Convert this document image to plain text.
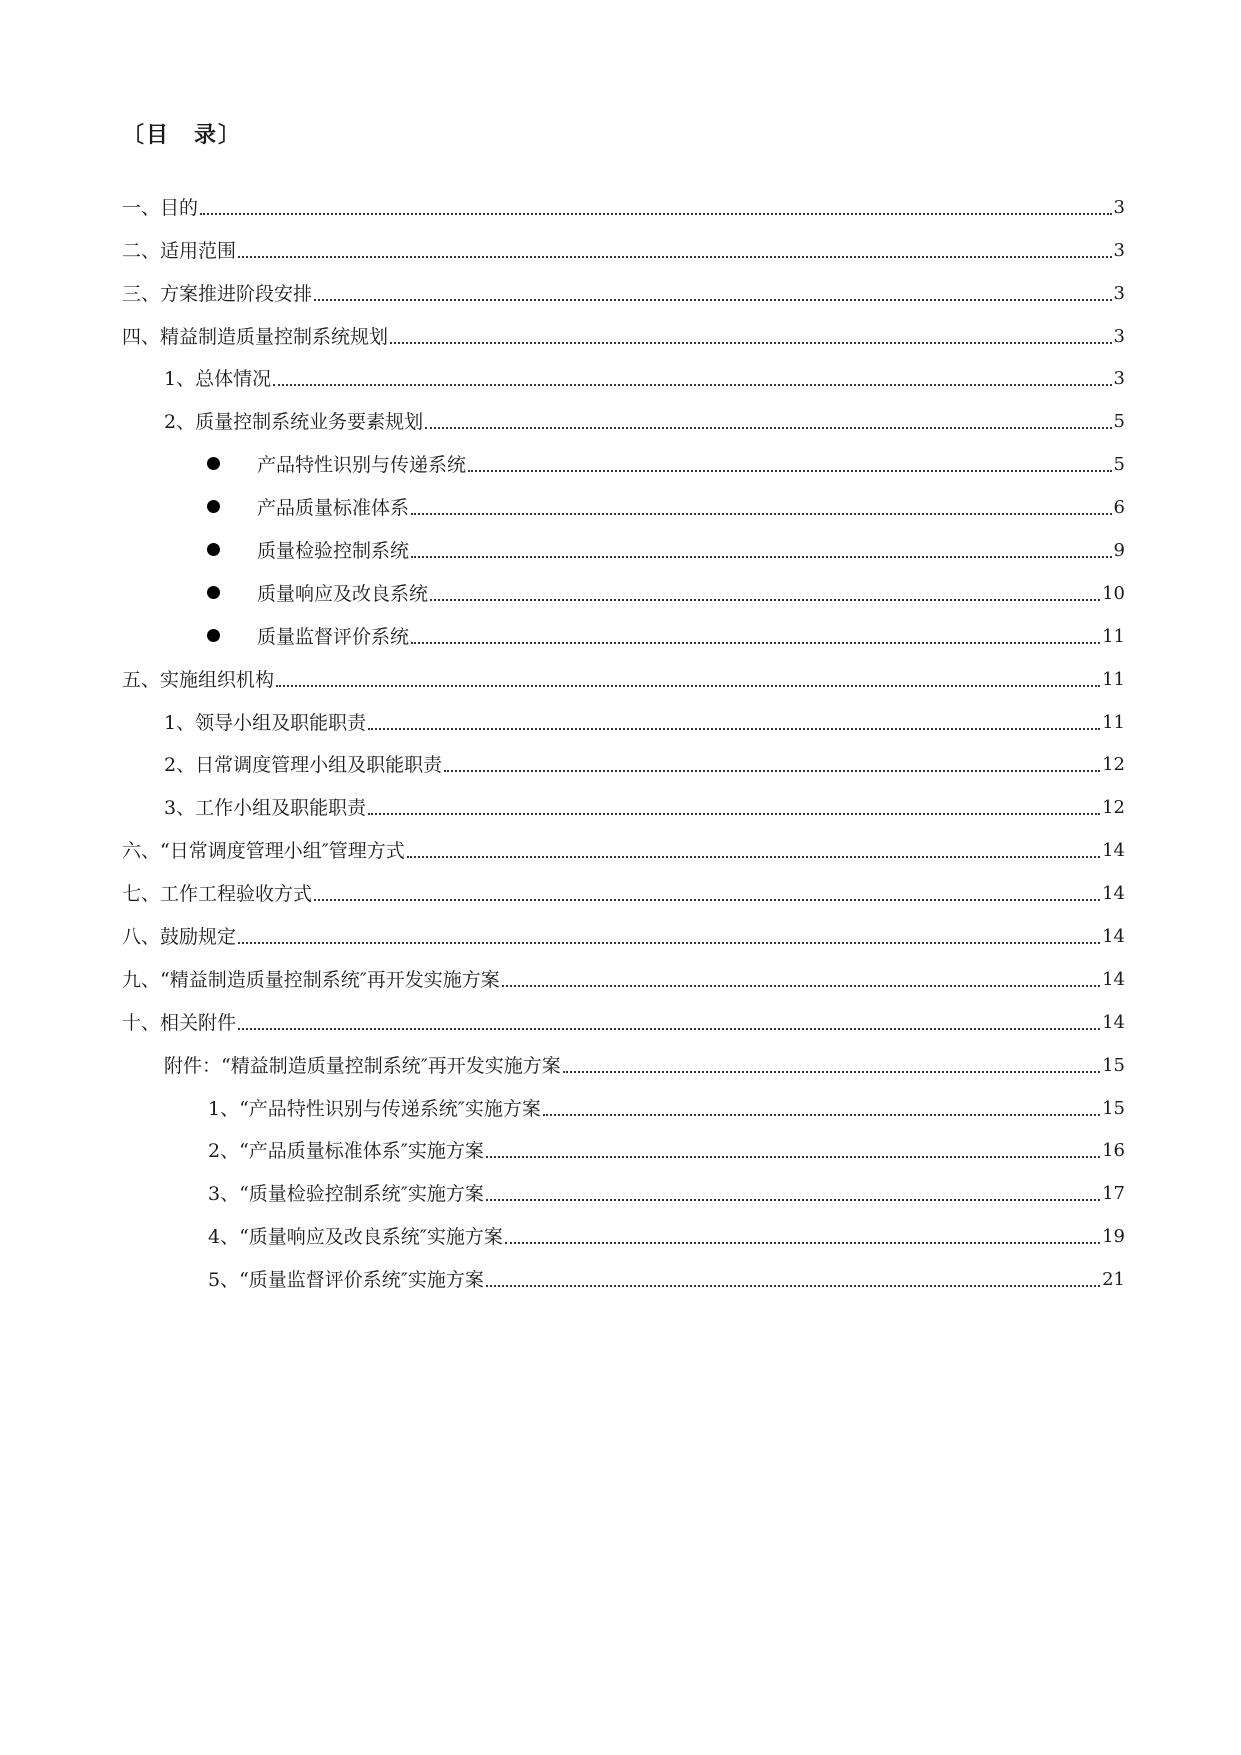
〔目　录〕
一、目的	3
二、适用范围	3
三、方案推进阶段安排	3
四、精益制造质量控制系统规划	3
1、总体情况	3
2、质量控制系统业务要素规划	5
产品特性识别与传递系统	5
产品质量标准体系	6
质量检验控制系统	9
质量响应及改良系统	10
质量监督评价系统	11
五、实施组织机构	11
1、领导小组及职能职责	11
2、日常调度管理小组及职能职责	12
3、工作小组及职能职责	12
六、“日常调度管理小组″管理方式	14
七、工作工程验收方式	14
八、鼓励规定	14
九、“精益制造质量控制系统″再开发实施方案	14
十、相关附件	14
附件：“精益制造质量控制系统″再开发实施方案	15
1、“产品特性识别与传递系统″实施方案	15
2、“产品质量标准体系″实施方案	16
3、“质量检验控制系统″实施方案	17
4、“质量响应及改良系统″实施方案	19
5、“质量监督评价系统″实施方案	21
